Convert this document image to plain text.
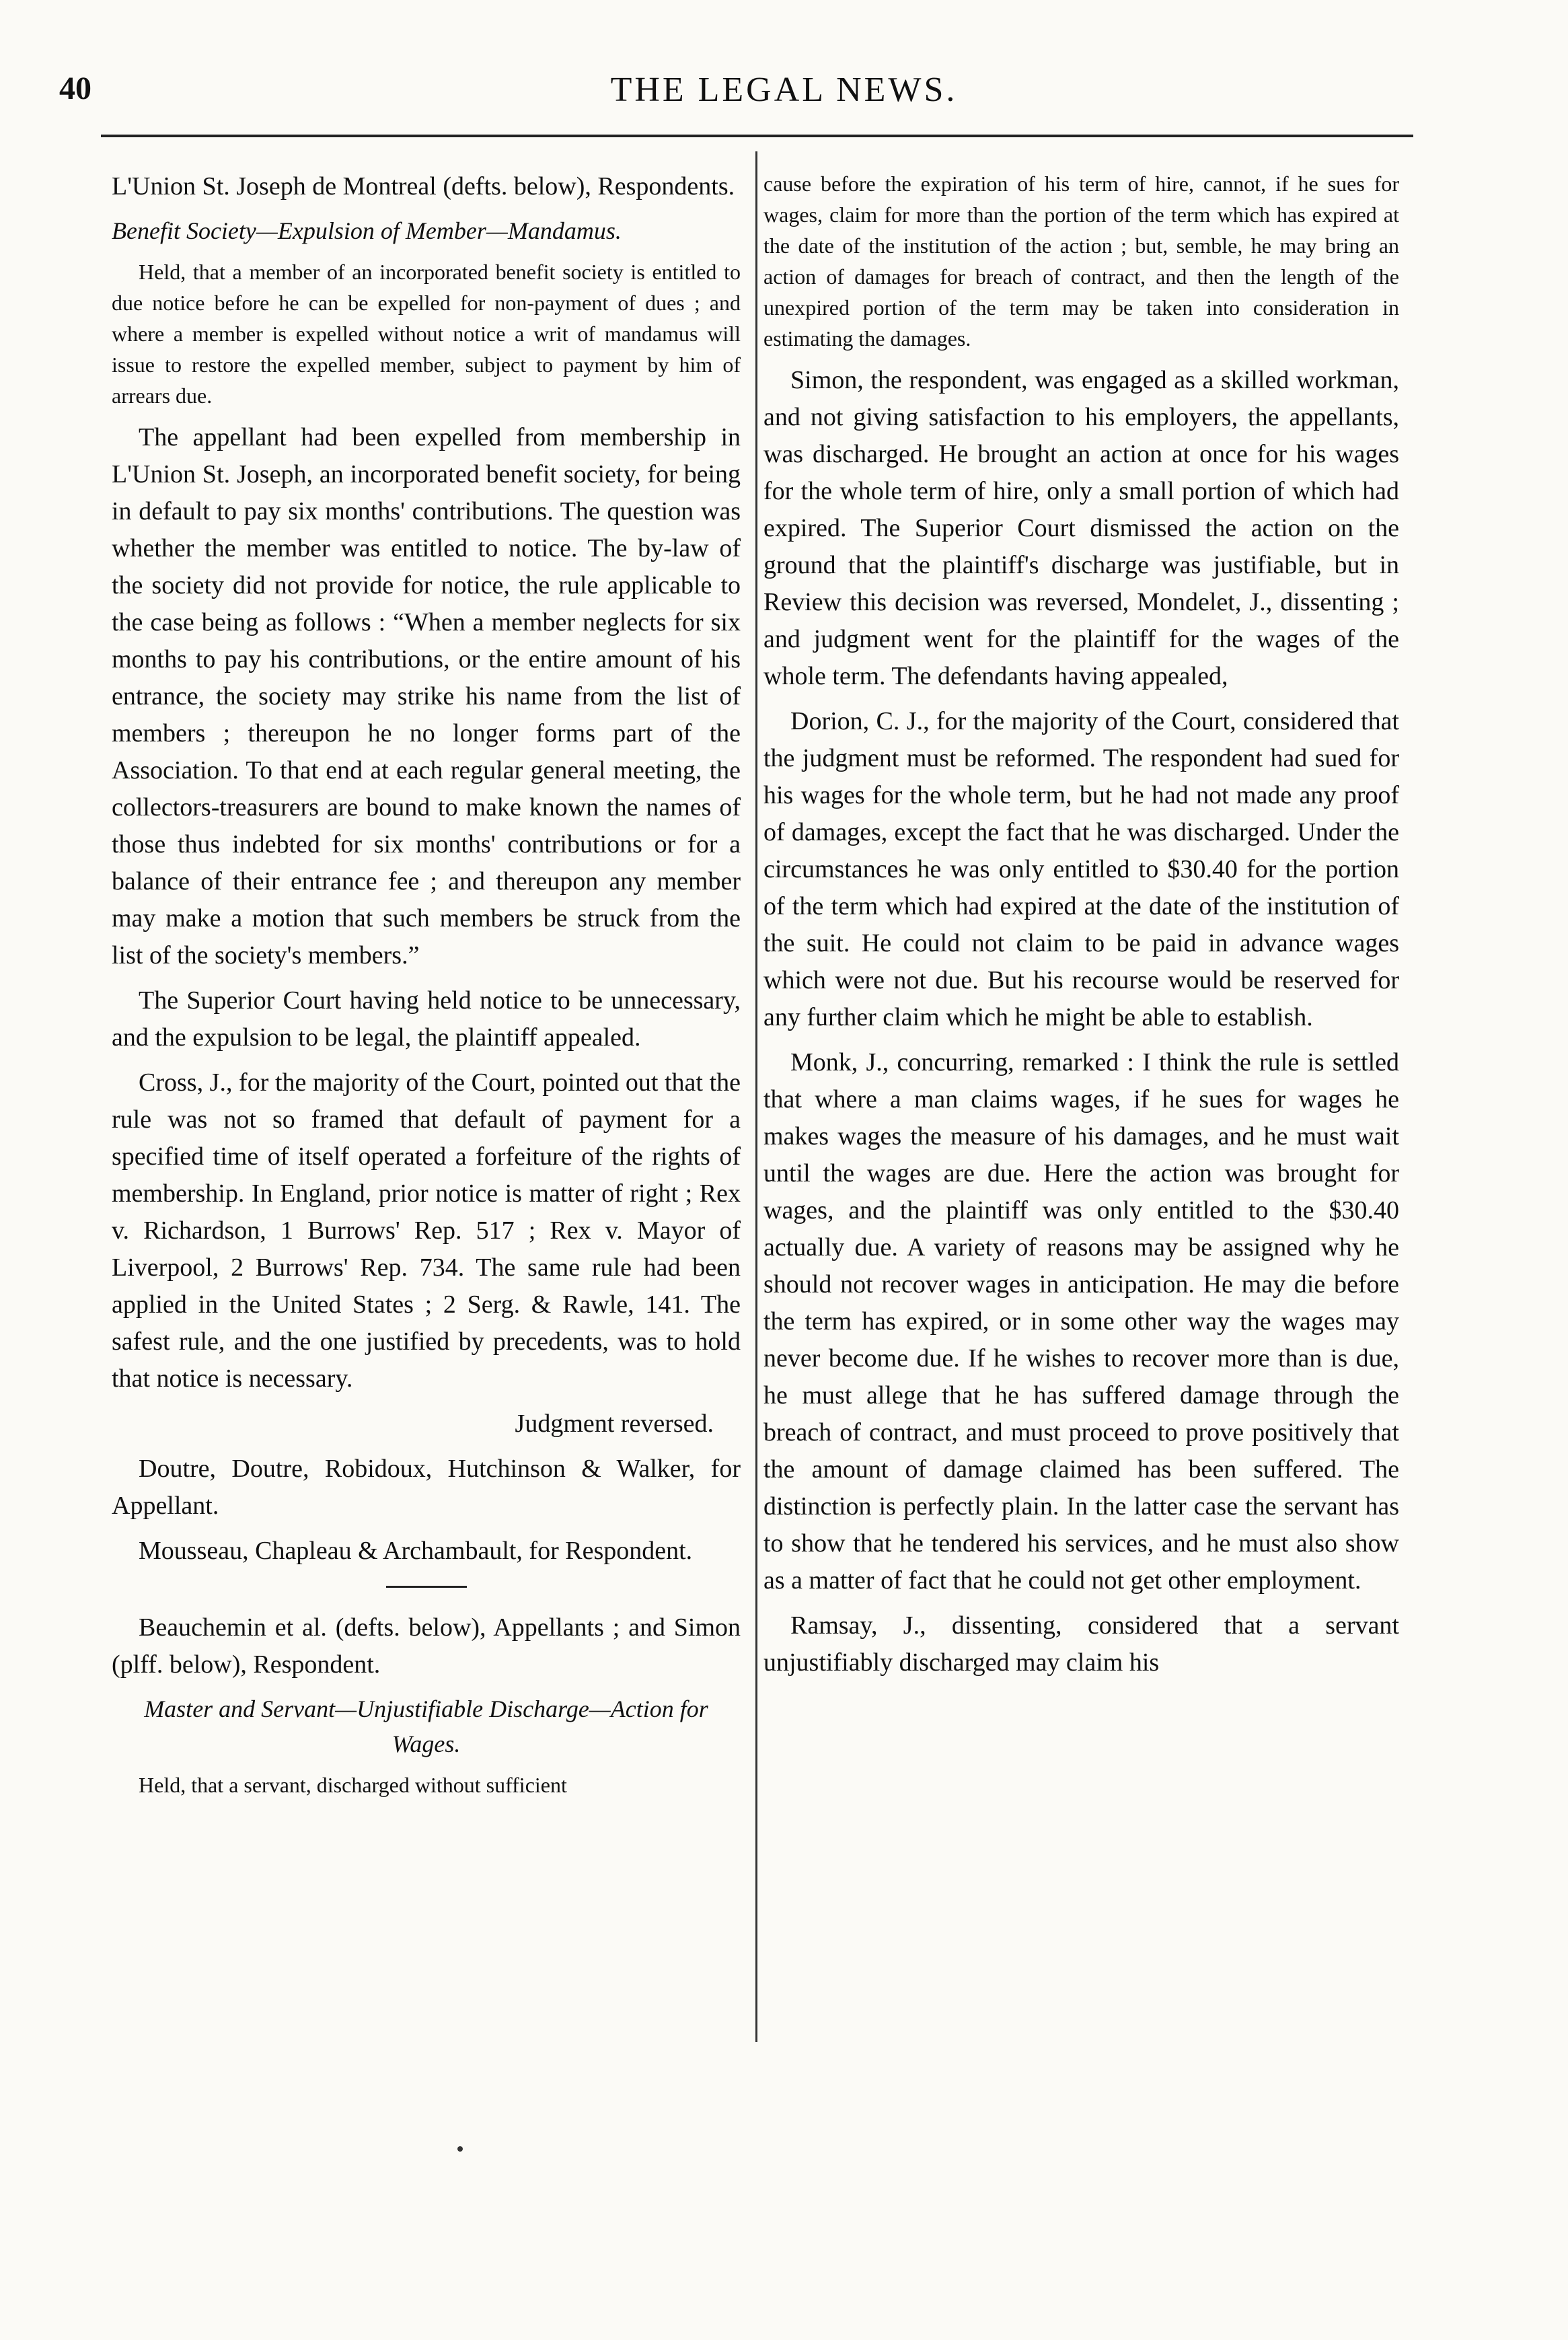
40	THE LEGAL NEWS.

L'Union St. Joseph de Montreal (defts. below), Respondents.

Benefit Society—Expulsion of Member—Mandamus.

Held, that a member of an incorporated benefit society is entitled to due notice before he can be expelled for non-payment of dues ; and where a member is expelled without notice a writ of mandamus will issue to restore the expelled member, subject to payment by him of arrears due.

The appellant had been expelled from membership in L'Union St. Joseph, an incorporated benefit society, for being in default to pay six months' contributions. The question was whether the member was entitled to notice. The by-law of the society did not provide for notice, the rule applicable to the case being as follows : “When a member neglects for six months to pay his contributions, or the entire amount of his entrance, the society may strike his name from the list of members ; thereupon he no longer forms part of the Association. To that end at each regular general meeting, the collectors-treasurers are bound to make known the names of those thus indebted for six months' contributions or for a balance of their entrance fee ; and thereupon any member may make a motion that such members be struck from the list of the society's members.”

The Superior Court having held notice to be unnecessary, and the expulsion to be legal, the plaintiff appealed.

Cross, J., for the majority of the Court, pointed out that the rule was not so framed that default of payment for a specified time of itself operated a forfeiture of the rights of membership. In England, prior notice is matter of right ; Rex v. Richardson, 1 Burrows' Rep. 517 ; Rex v. Mayor of Liverpool, 2 Burrows' Rep. 734. The same rule had been applied in the United States ; 2 Serg. & Rawle, 141. The safest rule, and the one justified by precedents, was to hold that notice is necessary.

Judgment reversed.

Doutre, Doutre, Robidoux, Hutchinson & Walker, for Appellant.

Mousseau, Chapleau & Archambault, for Respondent.

Beauchemin et al. (defts. below), Appellants ; and Simon (plff. below), Respondent.

Master and Servant—Unjustifiable Discharge—Action for Wages.

Held, that a servant, discharged without sufficient

cause before the expiration of his term of hire, cannot, if he sues for wages, claim for more than the portion of the term which has expired at the date of the institution of the action ; but, semble, he may bring an action of damages for breach of contract, and then the length of the unexpired portion of the term may be taken into consideration in estimating the damages.

Simon, the respondent, was engaged as a skilled workman, and not giving satisfaction to his employers, the appellants, was discharged. He brought an action at once for his wages for the whole term of hire, only a small portion of which had expired. The Superior Court dismissed the action on the ground that the plaintiff's discharge was justifiable, but in Review this decision was reversed, Mondelet, J., dissenting ; and judgment went for the plaintiff for the wages of the whole term. The defendants having appealed,

Dorion, C. J., for the majority of the Court, considered that the judgment must be reformed. The respondent had sued for his wages for the whole term, but he had not made any proof of damages, except the fact that he was discharged. Under the circumstances he was only entitled to $30.40 for the portion of the term which had expired at the date of the institution of the suit. He could not claim to be paid in advance wages which were not due. But his recourse would be reserved for any further claim which he might be able to establish.

Monk, J., concurring, remarked : I think the rule is settled that where a man claims wages, if he sues for wages he makes wages the measure of his damages, and he must wait until the wages are due. Here the action was brought for wages, and the plaintiff was only entitled to the $30.40 actually due. A variety of reasons may be assigned why he should not recover wages in anticipation. He may die before the term has expired, or in some other way the wages may never become due. If he wishes to recover more than is due, he must allege that he has suffered damage through the breach of contract, and must proceed to prove positively that the amount of damage claimed has been suffered. The distinction is perfectly plain. In the latter case the servant has to show that he tendered his services, and he must also show as a matter of fact that he could not get other employment.

Ramsay, J., dissenting, considered that a servant unjustifiably discharged may claim his
